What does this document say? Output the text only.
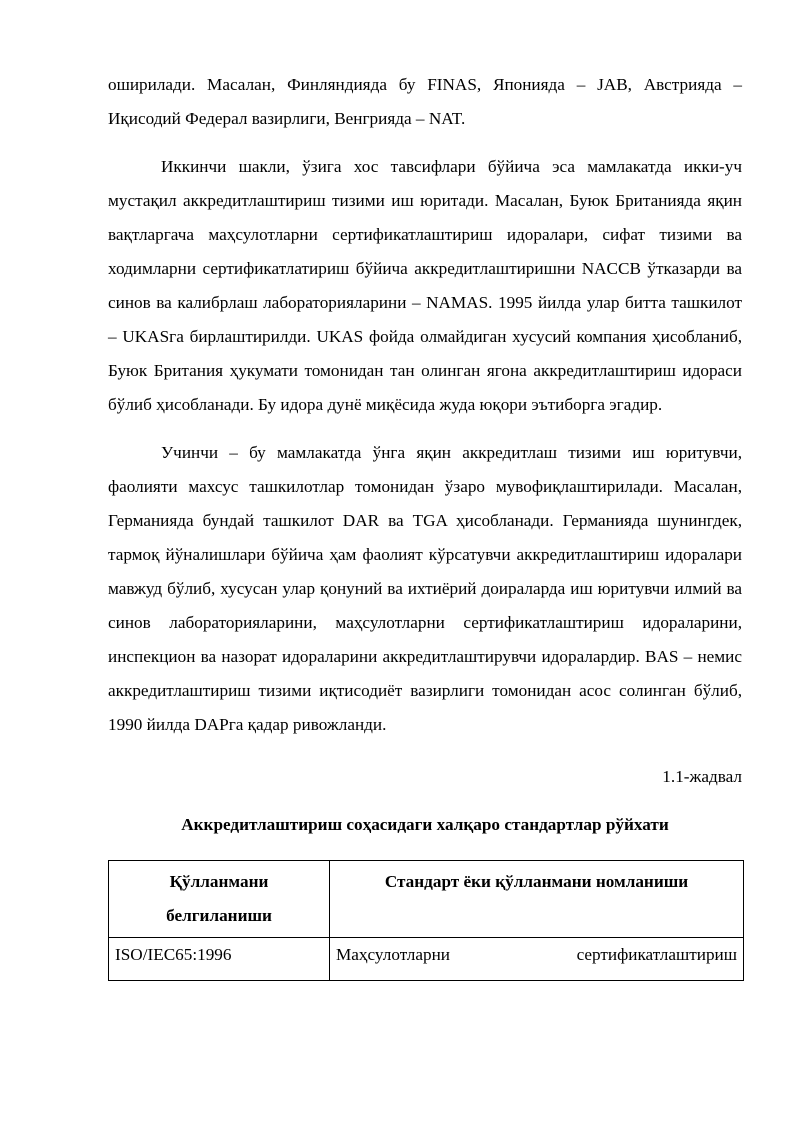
оширилади. Масалан, Финляндияда бу FINAS, Японияда – JAB, Австрияда – Иқисодий Федерал вазирлиги, Венгрияда – NAT.

Иккинчи шакли, ўзига хос тавсифлари бўйича эса мамлакатда икки-уч мустақил аккредитлаштириш тизими иш юритади. Масалан, Буюк Британияда яқин вақтларгача маҳсулотларни сертификатлаштириш идоралари, сифат тизими ва ходимларни сертификатлатириш бўйича аккредитлаштиришни NACCB ўтказарди ва синов ва калибрлаш лабораторияларини – NAMAS. 1995 йилда улар битта ташкилот – UKASга бирлаштирилди. UKAS фойда олмайдиган хусусий компания ҳисобланиб, Буюк Британия ҳукумати томонидан тан олинган ягона аккредитлаштириш идораси бўлиб ҳисобланади. Бу идора дунё миқёсида жуда юқори эътиборга эгадир.

Учинчи – бу мамлакатда ўнга яқин аккредитлаш тизими иш юритувчи, фаолияти махсус ташкилотлар томонидан ўзаро мувофиқлаштирилади. Масалан, Германияда бундай ташкилот DAR ва TGA ҳисобланади. Германияда шунингдек, тармоқ йўналишлари бўйича ҳам фаолият кўрсатувчи аккредитлаштириш идоралари мавжуд бўлиб, хусусан улар қонуний ва ихтиёрий доираларда иш юритувчи илмий ва синов лабораторияларини, маҳсулотларни сертификатлаштириш идораларини, инспекцион ва назорат идораларини аккредитлаштирувчи идоралардир. BAS – немис аккредитлаштириш тизими иқтисодиёт вазирлиги томонидан асос солинган бўлиб, 1990 йилда DAPга қадар ривожланди.

1.1-жадвал

Аккредитлаштириш соҳасидаги халқаро стандартлар рўйхати

Қўлланмани белгиланиши	Стандарт ёки қўлланмани номланиши
ISO/IEC65:1996	Маҳсулотларни сертификатлаштириш
